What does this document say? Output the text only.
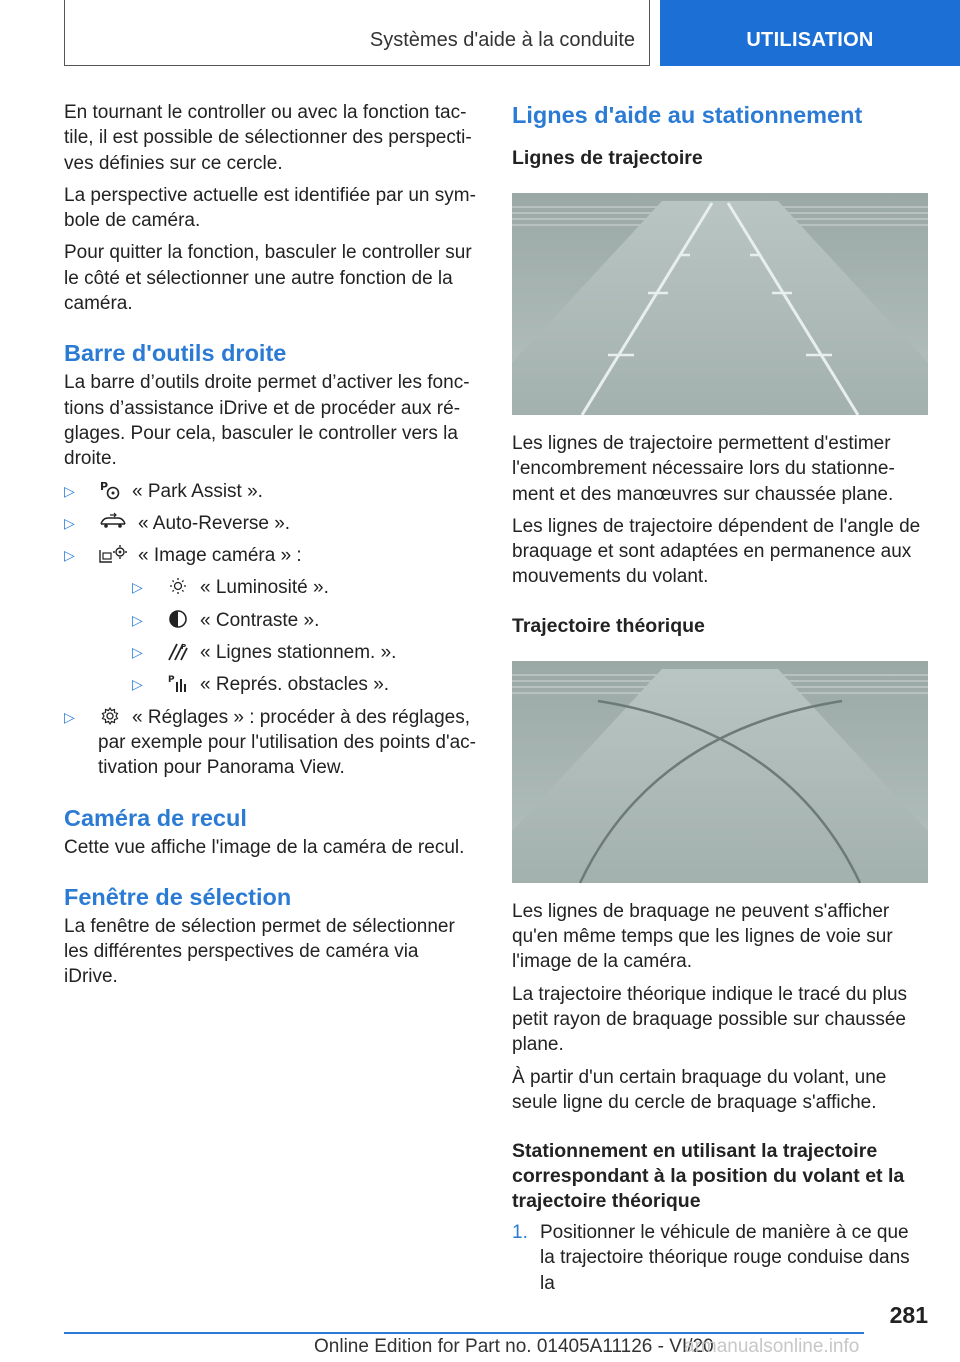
Systèmes d'aide à la conduite	UTILISATION

En tournant le controller ou avec la fonction tactile, il est possible de sélectionner des perspectives définies sur ce cercle.

La perspective actuelle est identifiée par un symbole de caméra.

Pour quitter la fonction, basculer le controller sur le côté et sélectionner une autre fonction de la caméra.

Barre d'outils droite

La barre d’outils droite permet d’activer les fonctions d’assistance iDrive et de procéder aux réglages. Pour cela, basculer le controller vers la droite.

▷ P « Park Assist ».
▷	« Auto-Reverse ».
▷	« Image caméra » :
▷	« Luminosité ».
▷	« Contraste ».
▷	P « Lignes stationnem. ».
▷	P « Représ. obstacles ».
▷	« Réglages » : procéder à des réglages, par exemple pour l'utilisation des points d'activation pour Panorama View.
Caméra de recul

Cette vue affiche l'image de la caméra de recul.

Fenêtre de sélection

La fenêtre de sélection permet de sélectionner les différentes perspectives de caméra via iDrive.

Lignes d'aide au stationnement
Lignes de trajectoire

Les lignes de trajectoire permettent d'estimer l'encombrement nécessaire lors du stationnement et des manœuvres sur chaussée plane.

Les lignes de trajectoire dépendent de l'angle de braquage et sont adaptées en permanence aux mouvements du volant.

Trajectoire théorique

Les lignes de braquage ne peuvent s'afficher qu'en même temps que les lignes de voie sur l'image de la caméra.

La trajectoire théorique indique le tracé du plus petit rayon de braquage possible sur chaussée plane.

À partir d'un certain braquage du volant, une seule ligne du cercle de braquage s'affiche.

Stationnement en utilisant la trajectoire correspondant à la position du volant et la trajectoire théorique
1. Positionner le véhicule de manière à ce que la trajectoire théorique rouge conduise dans la
281
Online Edition for Part no. 01405A11126 - VI/20
armanualsonline.info
